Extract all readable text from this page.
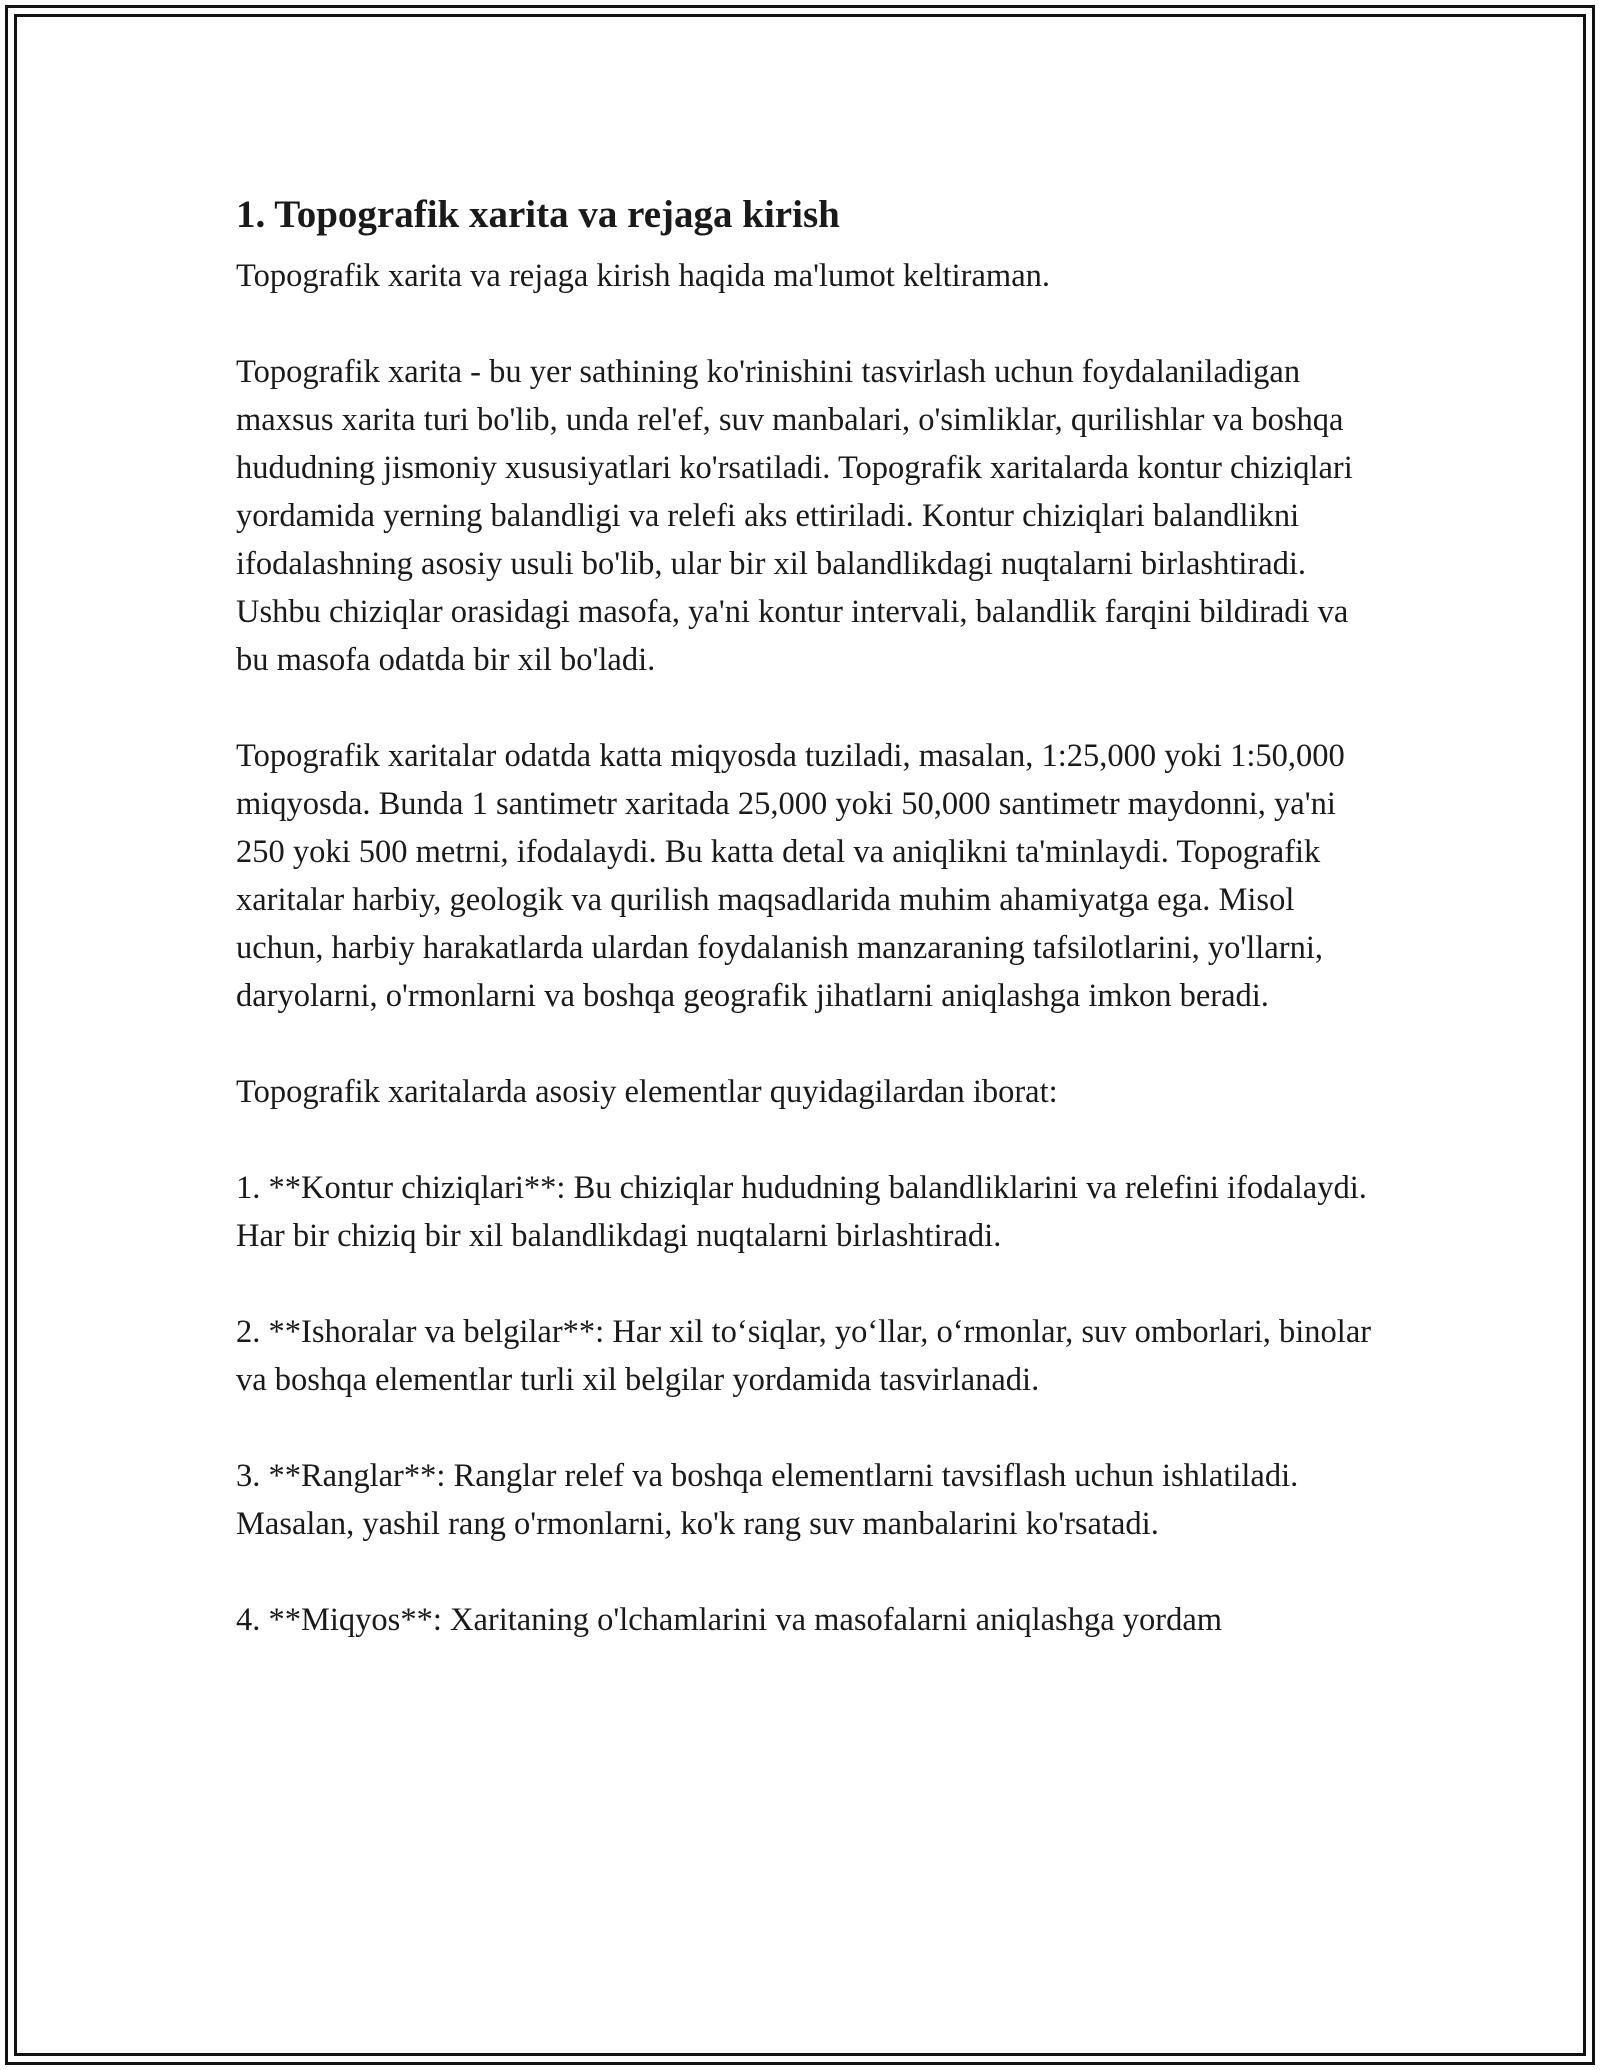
1. Topografik xarita va rejaga kirish

Topografik xarita va rejaga kirish haqida ma'lumot keltiraman.

Topografik xarita - bu yer sathining ko'rinishini tasvirlash uchun foydalaniladigan maxsus xarita turi bo'lib, unda rel'ef, suv manbalari, o'simliklar, qurilishlar va boshqa hududning jismoniy xususiyatlari ko'rsatiladi. Topografik xaritalarda kontur chiziqlari yordamida yerning balandligi va relefi aks ettiriladi. Kontur chiziqlari balandlikni ifodalashning asosiy usuli bo'lib, ular bir xil balandlikdagi nuqtalarni birlashtiradi. Ushbu chiziqlar orasidagi masofa, ya'ni kontur intervali, balandlik farqini bildiradi va bu masofa odatda bir xil bo'ladi.

Topografik xaritalar odatda katta miqyosda tuziladi, masalan, 1:25,000 yoki 1:50,000 miqyosda. Bunda 1 santimetr xaritada 25,000 yoki 50,000 santimetr maydonni, ya'ni 250 yoki 500 metrni, ifodalaydi. Bu katta detal va aniqlikni ta'minlaydi. Topografik xaritalar harbiy, geologik va qurilish maqsadlarida muhim ahamiyatga ega. Misol uchun, harbiy harakatlarda ulardan foydalanish manzaraning tafsilotlarini, yo'llarni, daryolarni, o'rmonlarni va boshqa geografik jihatlarni aniqlashga imkon beradi.

Topografik xaritalarda asosiy elementlar quyidagilardan iborat:

1. **Kontur chiziqlari**: Bu chiziqlar hududning balandliklarini va relefini ifodalaydi. Har bir chiziq bir xil balandlikdagi nuqtalarni birlashtiradi.

2. **Ishoralar va belgilar**: Har xil to‘siqlar, yo‘llar, o‘rmonlar, suv omborlari, binolar va boshqa elementlar turli xil belgilar yordamida tasvirlanadi.

3. **Ranglar**: Ranglar relef va boshqa elementlarni tavsiflash uchun ishlatiladi. Masalan, yashil rang o'rmonlarni, ko'k rang suv manbalarini ko'rsatadi.

4. **Miqyos**: Xaritaning o'lchamlarini va masofalarni aniqlashga yordam
